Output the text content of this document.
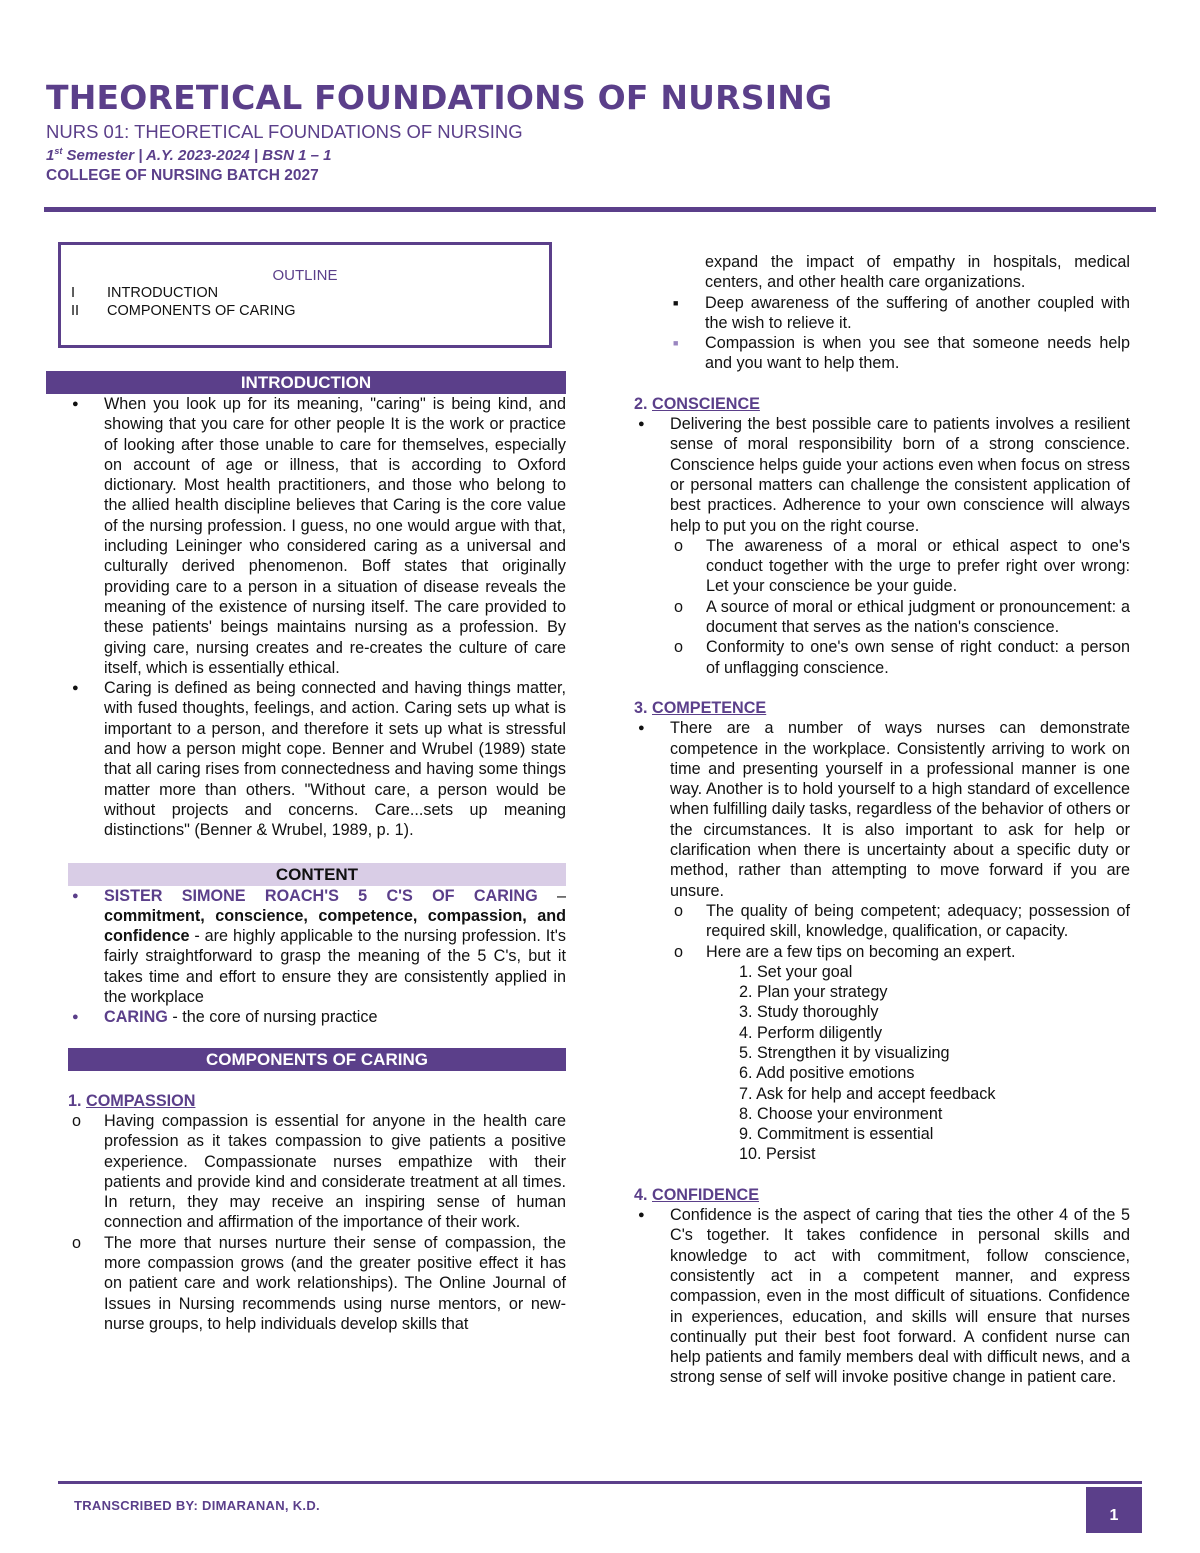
THEORETICAL FOUNDATIONS OF NURSING
NURS 01: THEORETICAL FOUNDATIONS OF NURSING
1st Semester | A.Y. 2023-2024 | BSN 1 – 1
COLLEGE OF NURSING BATCH 2027
OUTLINE
I INTRODUCTION
II COMPONENTS OF CARING
INTRODUCTION
● When you look up for its meaning, "caring" is being kind, and showing that you care for other people It is the work or practice of looking after those unable to care for themselves, especially on account of age or illness, that is according to Oxford dictionary. Most health practitioners, and those who belong to the allied health discipline believes that Caring is the core value of the nursing profession. I guess, no one would argue with that, including Leininger who considered caring as a universal and culturally derived phenomenon. Boff states that originally providing care to a person in a situation of disease reveals the meaning of the existence of nursing itself. The care provided to these patients' beings maintains nursing as a profession. By giving care, nursing creates and re-creates the culture of care itself, which is essentially ethical.
● Caring is defined as being connected and having things matter, with fused thoughts, feelings, and action. Caring sets up what is important to a person, and therefore it sets up what is stressful and how a person might cope. Benner and Wrubel (1989) state that all caring rises from connectedness and having some things matter more than others. "Without care, a person would be without projects and concerns. Care...sets up meaning distinctions" (Benner & Wrubel, 1989, p. 1).
CONTENT
● SISTER SIMONE ROACH'S 5 C'S OF CARING – commitment, conscience, competence, compassion, and confidence - are highly applicable to the nursing profession. It's fairly straightforward to grasp the meaning of the 5 C's, but it takes time and effort to ensure they are consistently applied in the workplace
● CARING - the core of nursing practice
COMPONENTS OF CARING
1. COMPASSION
o Having compassion is essential for anyone in the health care profession as it takes compassion to give patients a positive experience. Compassionate nurses empathize with their patients and provide kind and considerate treatment at all times. In return, they may receive an inspiring sense of human connection and affirmation of the importance of their work.
o The more that nurses nurture their sense of compassion, the more compassion grows (and the greater positive effect it has on patient care and work relationships). The Online Journal of Issues in Nursing recommends using nurse mentors, or new-nurse groups, to help individuals develop skills that
expand the impact of empathy in hospitals, medical centers, and other health care organizations.
■ Deep awareness of the suffering of another coupled with the wish to relieve it.
■ Compassion is when you see that someone needs help and you want to help them.
2. CONSCIENCE
● Delivering the best possible care to patients involves a resilient sense of moral responsibility born of a strong conscience. Conscience helps guide your actions even when focus on stress or personal matters can challenge the consistent application of best practices. Adherence to your own conscience will always help to put you on the right course.
o The awareness of a moral or ethical aspect to one's conduct together with the urge to prefer right over wrong: Let your conscience be your guide.
o A source of moral or ethical judgment or pronouncement: a document that serves as the nation's conscience.
o Conformity to one's own sense of right conduct: a person of unflagging conscience.
3. COMPETENCE
● There are a number of ways nurses can demonstrate competence in the workplace. Consistently arriving to work on time and presenting yourself in a professional manner is one way. Another is to hold yourself to a high standard of excellence when fulfilling daily tasks, regardless of the behavior of others or the circumstances. It is also important to ask for help or clarification when there is uncertainty about a specific duty or method, rather than attempting to move forward if you are unsure.
o The quality of being competent; adequacy; possession of required skill, knowledge, qualification, or capacity.
o Here are a few tips on becoming an expert.
1. Set your goal
2. Plan your strategy
3. Study thoroughly
4. Perform diligently
5. Strengthen it by visualizing
6. Add positive emotions
7. Ask for help and accept feedback
8. Choose your environment
9. Commitment is essential
10. Persist
4. CONFIDENCE
● Confidence is the aspect of caring that ties the other 4 of the 5 C's together. It takes confidence in personal skills and knowledge to act with commitment, follow conscience, consistently act in a competent manner, and express compassion, even in the most difficult of situations. Confidence in experiences, education, and skills will ensure that nurses continually put their best foot forward. A confident nurse can help patients and family members deal with difficult news, and a strong sense of self will invoke positive change in patient care.
TRANSCRIBED BY: DIMARANAN, K.D.
1
